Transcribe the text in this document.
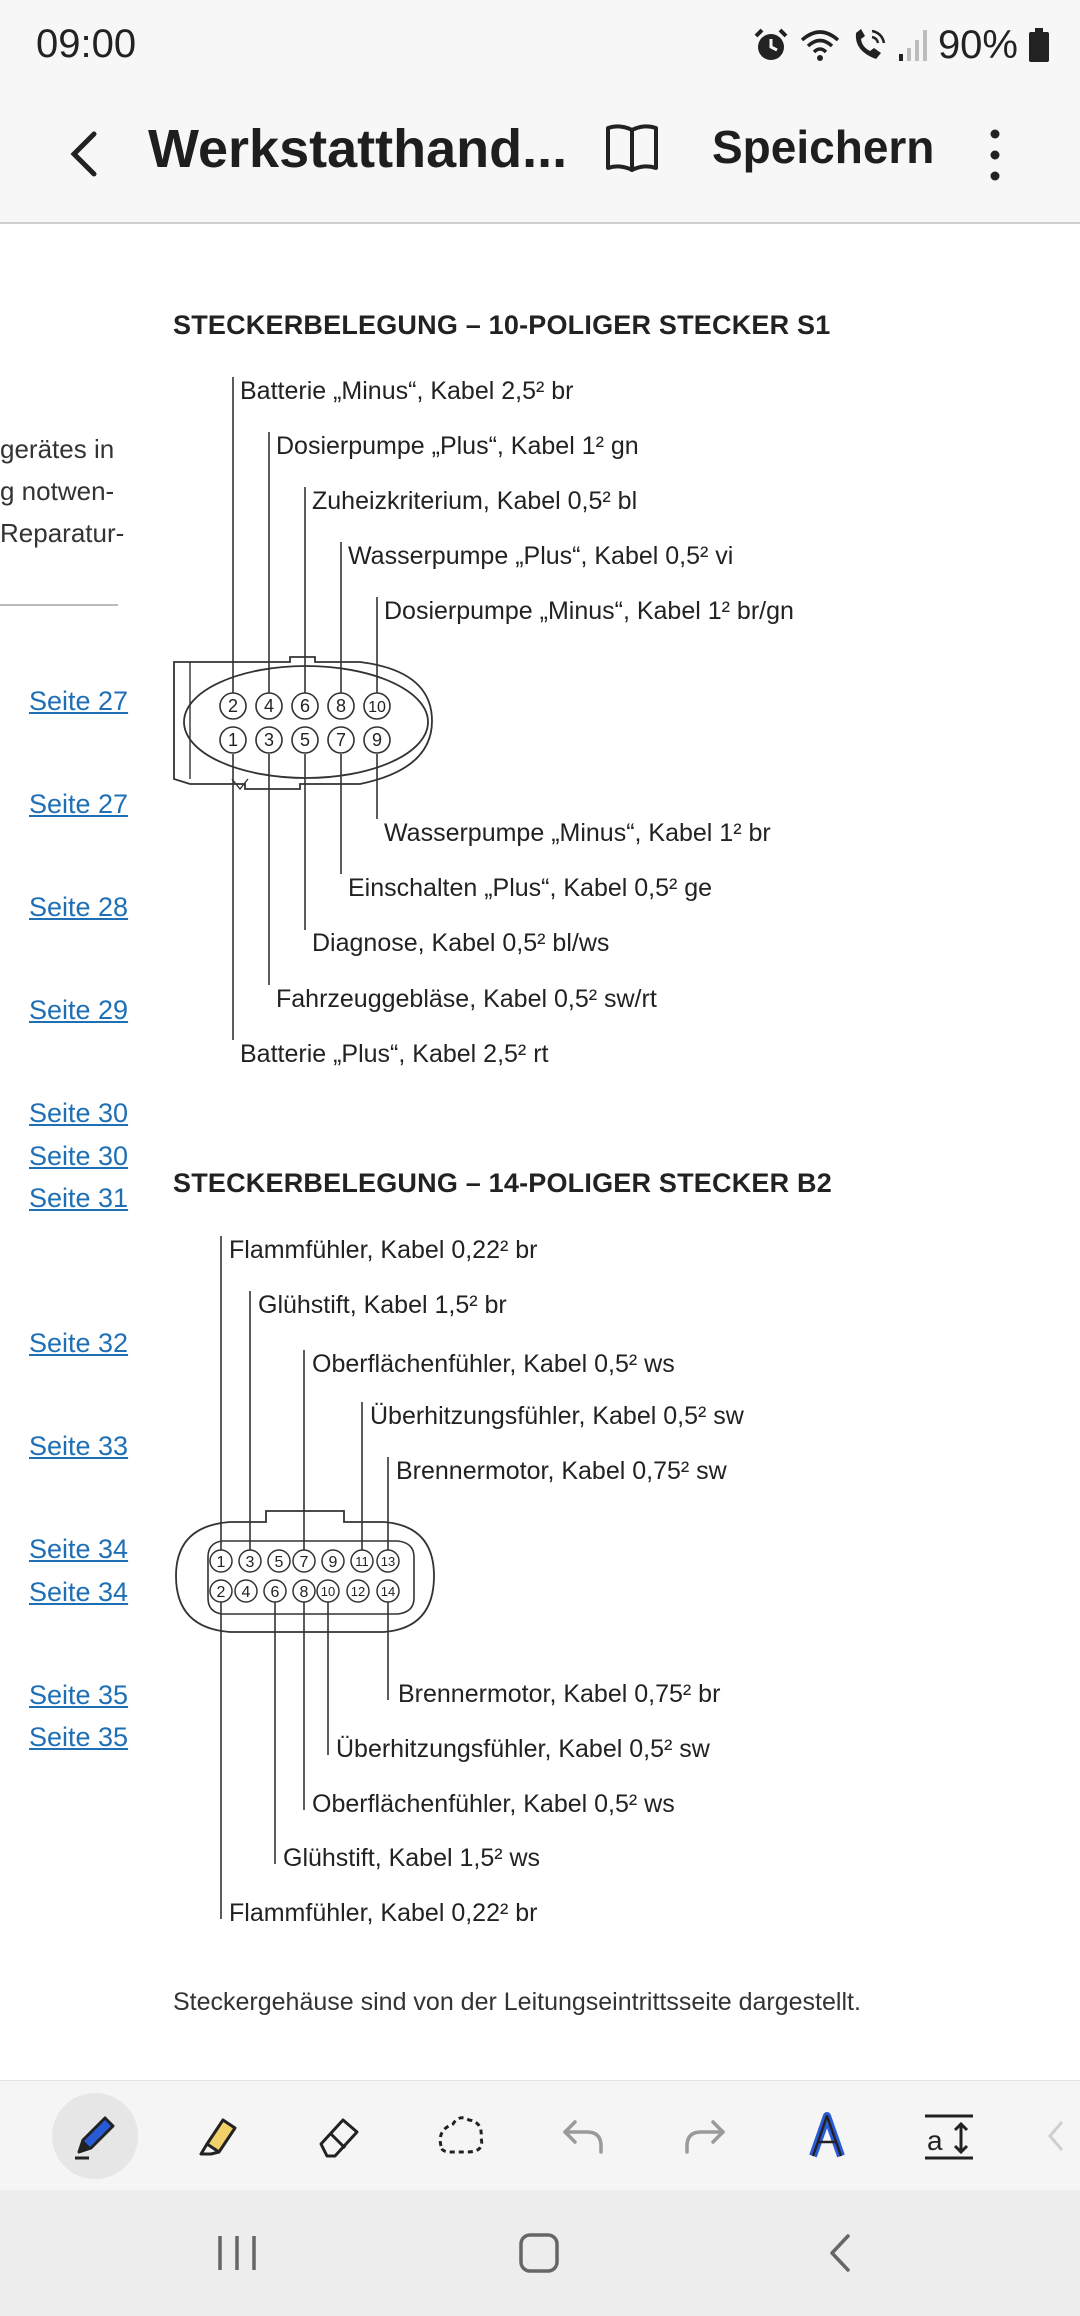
09:00	90%
Werkstatthand...	Speichern
gerätes in
g notwen-
Reparatur-
Seite 27
Seite 27
Seite 28
Seite 29
Seite 30
Seite 30
Seite 31
Seite 32
Seite 33
Seite 34
Seite 34
Seite 35
Seite 35
STECKERBELEGUNG – 10-POLIGER STECKER S1
STECKERBELEGUNG – 14-POLIGER STECKER B2
2 4 6 8 10
1 3 5 7 9
Batterie „Minus“, Kabel 2,5² br
Dosierpumpe „Plus“, Kabel 1² gn
Zuheizkriterium, Kabel 0,5² bl
Wasserpumpe „Plus“, Kabel 0,5² vi
Dosierpumpe „Minus“, Kabel 1² br/gn
Wasserpumpe „Minus“, Kabel 1² br
Einschalten „Plus“, Kabel 0,5² ge
Diagnose, Kabel 0,5² bl/ws
Fahrzeuggebläse, Kabel 0,5² sw/rt
Batterie „Plus“, Kabel 2,5² rt
1 3 5 7 9 11 13
2 4 6 8 10 12 14
Flammfühler, Kabel 0,22² br
Glühstift, Kabel 1,5² br
Oberflächenfühler, Kabel 0,5² ws
Überhitzungsfühler, Kabel 0,5² sw
Brennermotor, Kabel 0,75² sw
Brennermotor, Kabel 0,75² br
Überhitzungsfühler, Kabel 0,5² sw
Oberflächenfühler, Kabel 0,5² ws
Glühstift, Kabel 1,5² ws
Flammfühler, Kabel 0,22² br
Steckergehäuse sind von der Leitungseintrittsseite dargestellt.
a
